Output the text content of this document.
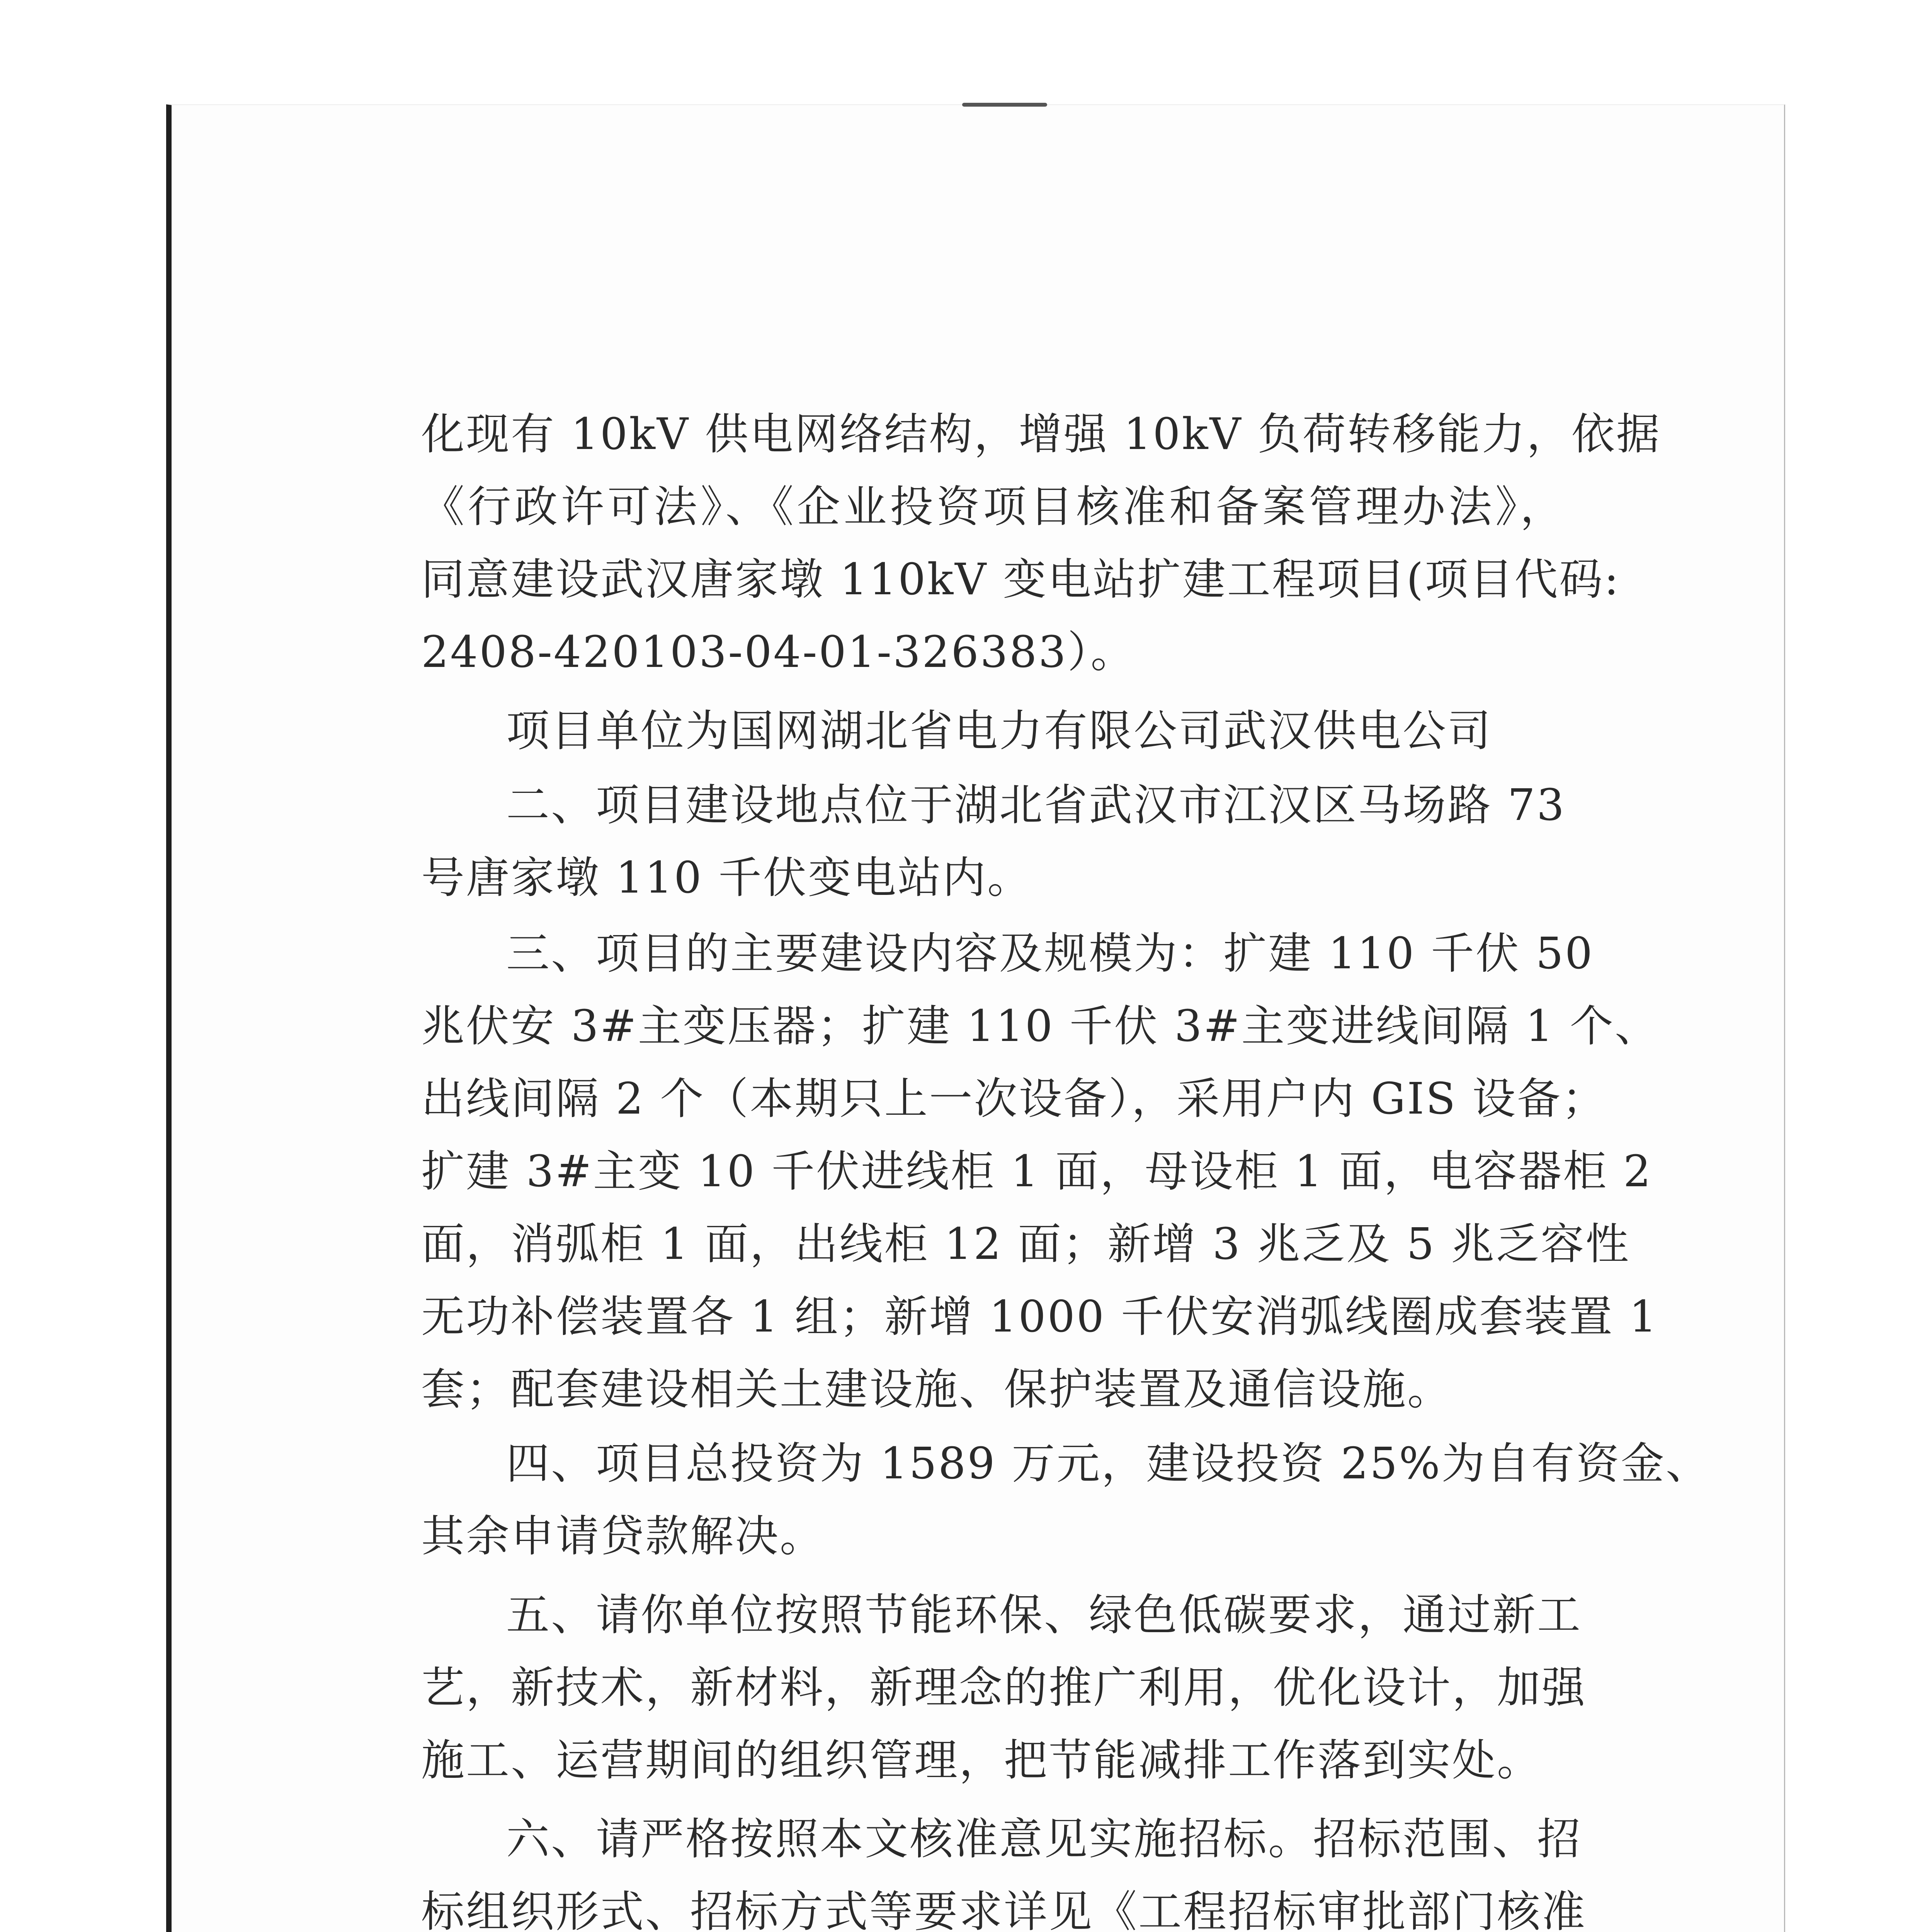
化现有 10kV 供电网络结构，增强 10kV 负荷转移能力，依据
《行政许可法》、《企业投资项目核准和备案管理办法》，
同意建设武汉唐家墩 110kV 变电站扩建工程项目(项目代码:
2408-420103-04-01-326383）。

项目单位为国网湖北省电力有限公司武汉供电公司

二、项目建设地点位于湖北省武汉市江汉区马场路 73
号唐家墩 110 千伏变电站内。

三、项目的主要建设内容及规模为：扩建 110 千伏 50
兆伏安 3#主变压器；扩建 110 千伏 3#主变进线间隔 1 个、
出线间隔 2 个（本期只上一次设备），采用户内 GIS 设备；
扩建 3#主变 10 千伏进线柜 1 面，母设柜 1 面，电容器柜 2
面，消弧柜 1 面，出线柜 12 面；新增 3 兆乏及 5 兆乏容性
无功补偿装置各 1 组；新增 1000 千伏安消弧线圈成套装置 1
套；配套建设相关土建设施、保护装置及通信设施。

四、项目总投资为 1589 万元，建设投资 25%为自有资金、
其余申请贷款解决。

五、请你单位按照节能环保、绿色低碳要求，通过新工
艺，新技术，新材料，新理念的推广利用，优化设计，加强
施工、运营期间的组织管理，把节能减排工作落到实处。

六、请严格按照本文核准意见实施招标。招标范围、招
标组织形式、招标方式等要求详见《工程招标审批部门核准
